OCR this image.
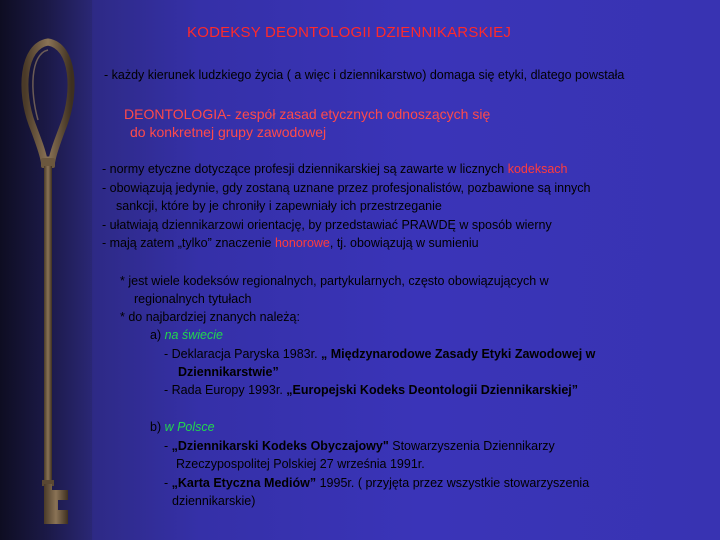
KODEKSY DEONTOLOGII DZIENNIKARSKIEJ
- każdy kierunek ludzkiego życia ( a więc i dziennikarstwo) domaga się etyki, dlatego powstała
DEONTOLOGIA- zespół zasad etycznych odnoszących się
do konkretnej grupy zawodowej
- normy etyczne dotyczące profesji dziennikarskiej są zawarte w licznych kodeksach
- obowiązują jedynie, gdy zostaną uznane przez profesjonalistów, pozbawione są innych
sankcji, które by je chroniły i zapewniały ich przestrzeganie
- ułatwiają dziennikarzowi orientację, by przedstawiać PRAWDĘ w sposób wierny
- mają zatem „tylko” znaczenie honorowe, tj. obowiązują w sumieniu
* jest wiele kodeksów regionalnych, partykularnych, często obowiązujących w
regionalnych tytułach
* do najbardziej znanych należą:
a) na świecie
- Deklaracja Paryska 1983r. „ Międzynarodowe Zasady Etyki Zawodowej w
Dziennikarstwie”
- Rada Europy 1993r. „Europejski Kodeks Deontologii Dziennikarskiej”
b) w Polsce
- „Dziennikarski Kodeks Obyczajowy" Stowarzyszenia Dziennikarzy
Rzeczypospolitej Polskiej 27 września 1991r.
- „Karta Etyczna Mediów” 1995r. ( przyjęta przez wszystkie stowarzyszenia
dziennikarskie)
